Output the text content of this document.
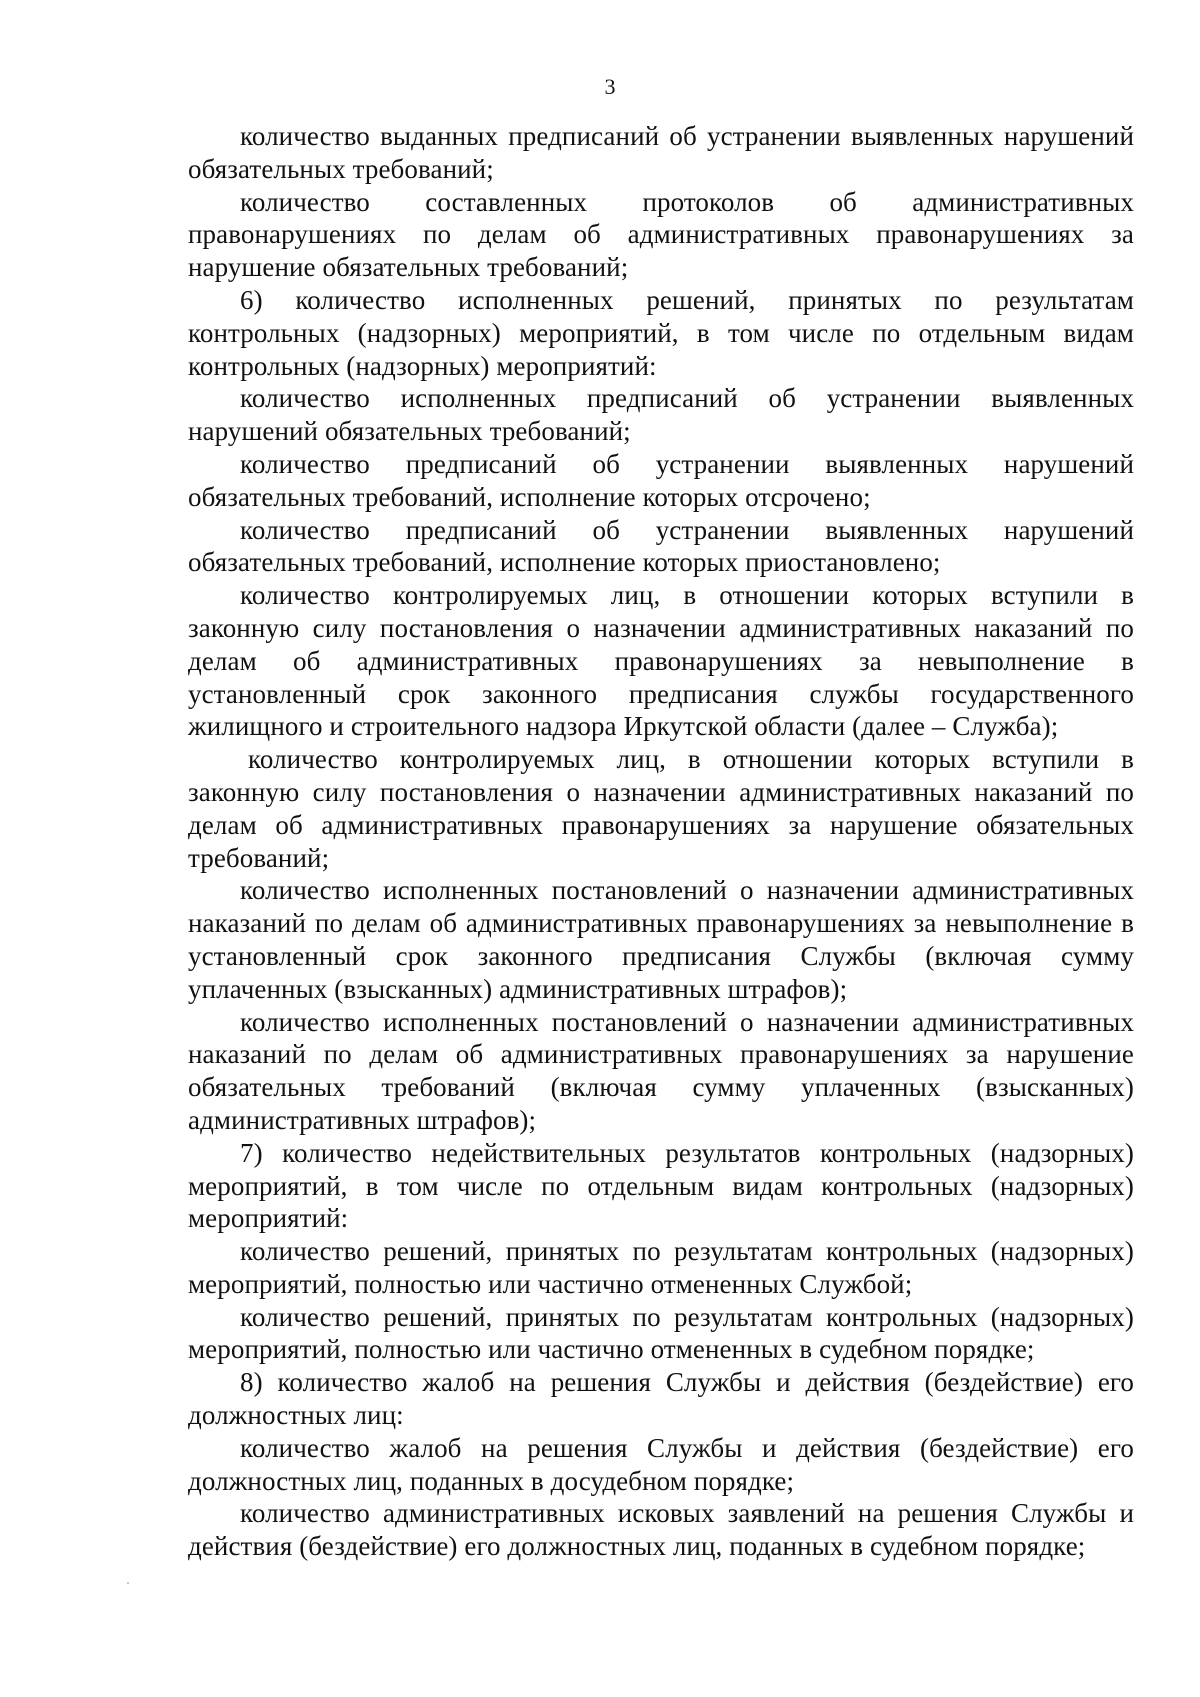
3

количество выданных предписаний об устранении выявленных нарушений обязательных требований;

количество составленных протоколов об административных правонарушениях по делам об административных правонарушениях за нарушение обязательных требований;

6) количество исполненных решений, принятых по результатам контрольных (надзорных) мероприятий, в том числе по отдельным видам контрольных (надзорных) мероприятий:

количество исполненных предписаний об устранении выявленных нарушений обязательных требований;

количество предписаний об устранении выявленных нарушений обязательных требований, исполнение которых отсрочено;

количество предписаний об устранении выявленных нарушений обязательных требований, исполнение которых приостановлено;

количество контролируемых лиц, в отношении которых вступили в законную силу постановления о назначении административных наказаний по делам об административных правонарушениях за невыполнение в установленный срок законного предписания службы государственного жилищного и строительного надзора Иркутской области (далее – Служба);

количество контролируемых лиц, в отношении которых вступили в законную силу постановления о назначении административных наказаний по делам об административных правонарушениях за нарушение обязательных требований;

количество исполненных постановлений о назначении административных наказаний по делам об административных правонарушениях за невыполнение в установленный срок законного предписания Службы (включая сумму уплаченных (взысканных) административных штрафов);

количество исполненных постановлений о назначении административных наказаний по делам об административных правонарушениях за нарушение обязательных требований (включая сумму уплаченных (взысканных) административных штрафов);

7) количество недействительных результатов контрольных (надзорных) мероприятий, в том числе по отдельным видам контрольных (надзорных) мероприятий:

количество решений, принятых по результатам контрольных (надзорных) мероприятий, полностью или частично отмененных Службой;

количество решений, принятых по результатам контрольных (надзорных) мероприятий, полностью или частично отмененных в судебном порядке;

8) количество жалоб на решения Службы и действия (бездействие) его должностных лиц:

количество жалоб на решения Службы и действия (бездействие) его должностных лиц, поданных в досудебном порядке;

количество административных исковых заявлений на решения Службы и действия (бездействие) его должностных лиц, поданных в судебном порядке;
